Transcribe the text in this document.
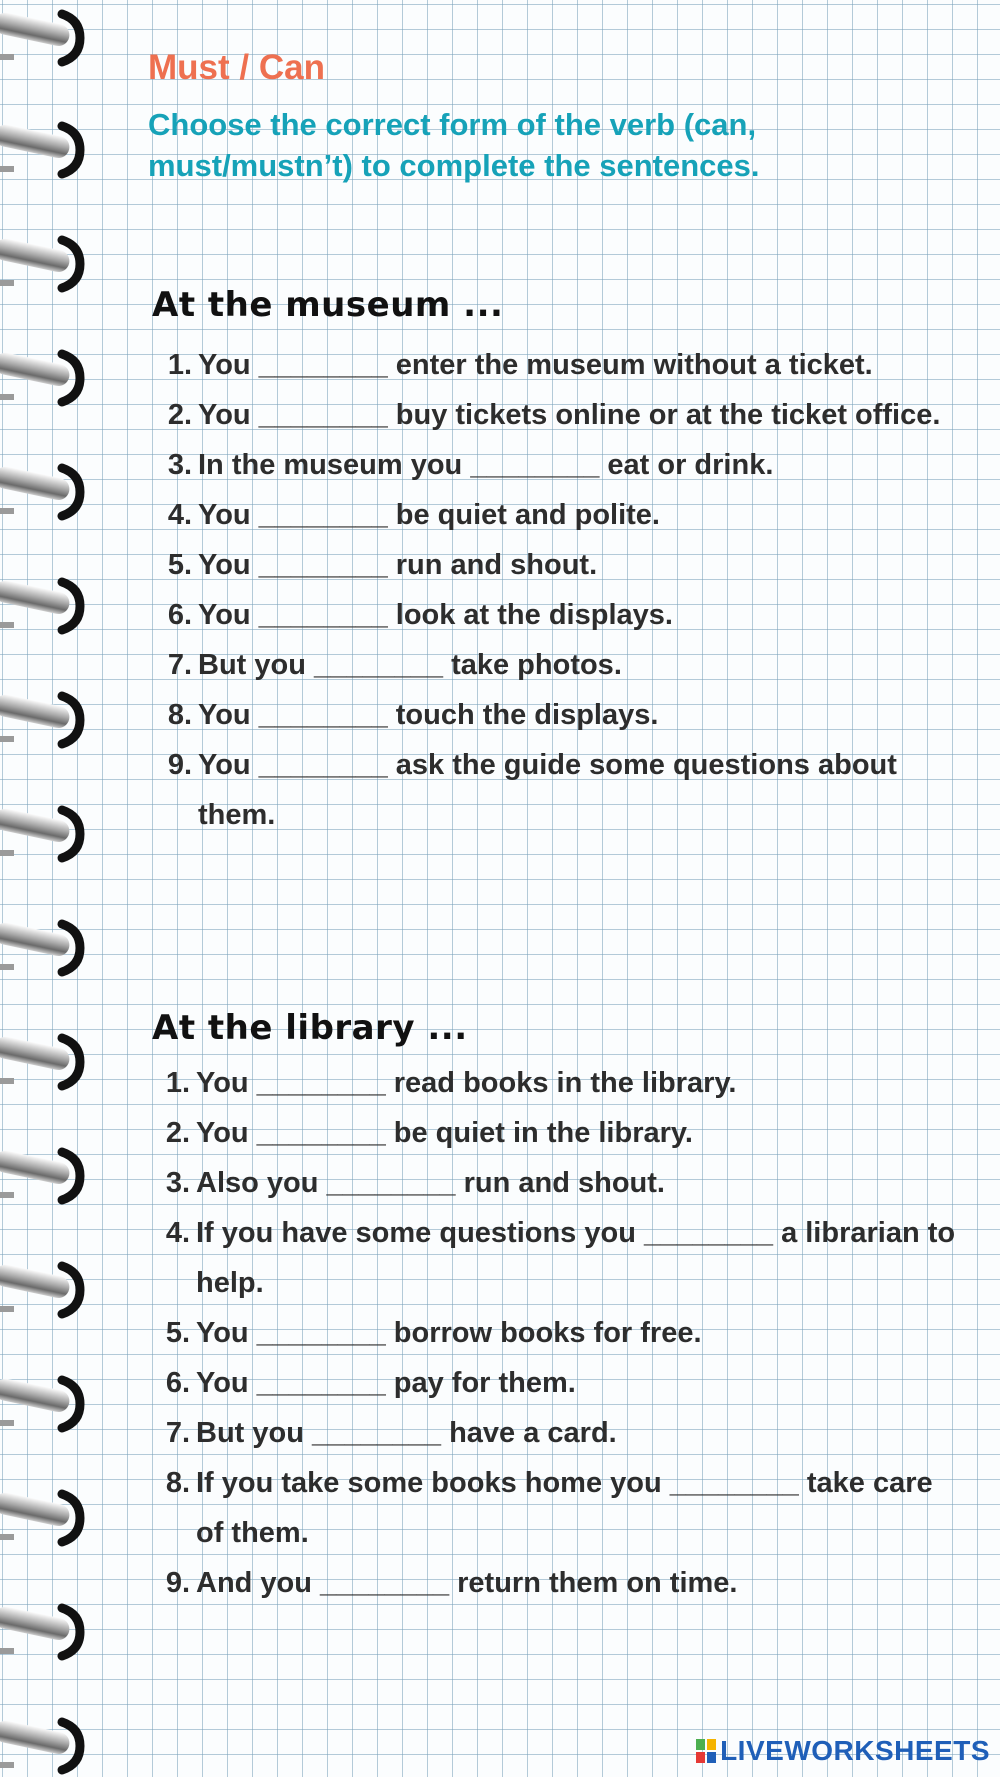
Must / Can

Choose the correct form of the verb (can, must/mustn’t) to complete the sentences.

At the museum ...
1. You ________ enter the museum without a ticket.
2. You ________ buy tickets online or at the ticket office.
3. In the museum you ________ eat or drink.
4. You ________ be quiet and polite.
5. You ________ run and shout.
6. You ________ look at the displays.
7. But you ________ take photos.
8. You ________ touch the displays.
9. You ________ ask the guide some questions about them.
At the library ...
1. You ________ read books in the library.
2. You ________ be quiet in the library.
3. Also you ________ run and shout.
4. If you have some questions you ________ a librarian to help.
5. You ________ borrow books for free.
6. You ________ pay for them.
7. But you ________ have a card.
8. If you take some books home you ________ take care of them.
9. And you ________ return them on time.
LIVEWORKSHEETS
